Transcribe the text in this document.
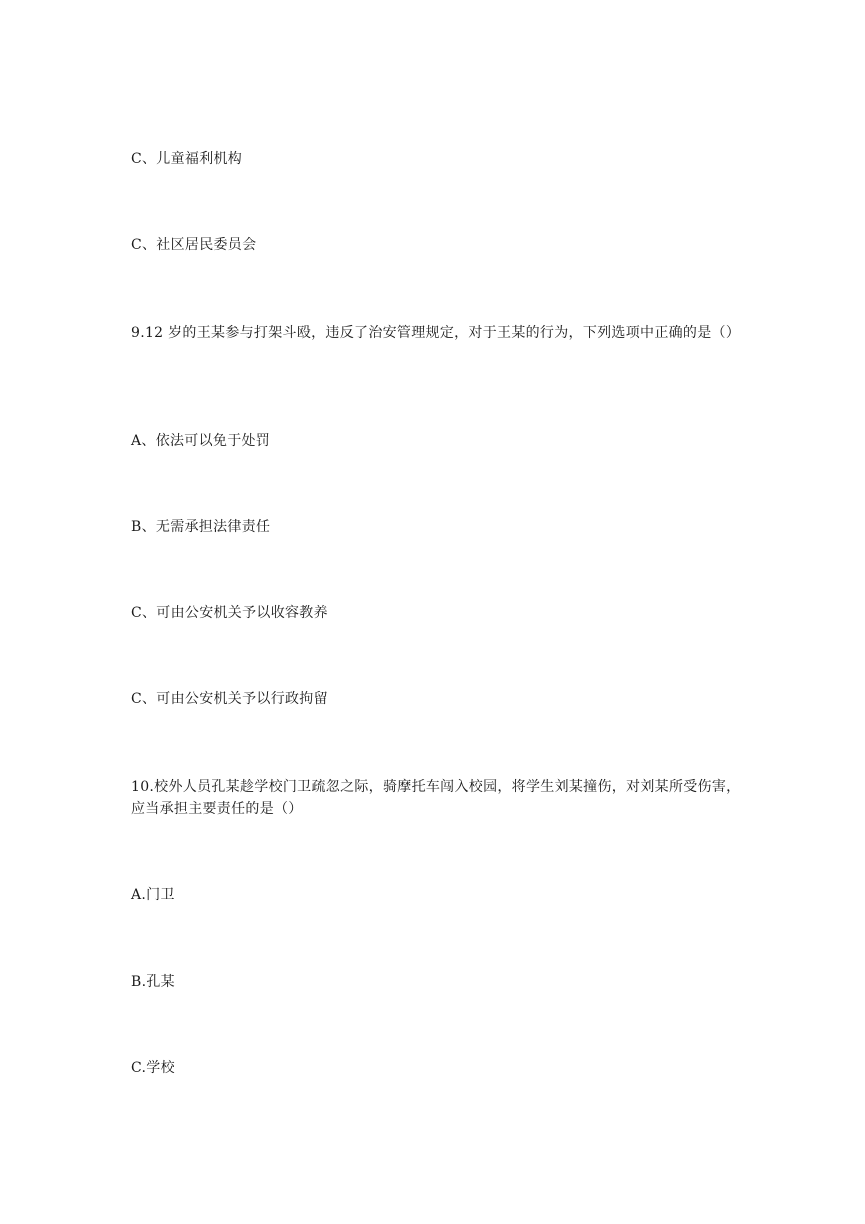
C、儿童福利机构
C、社区居民委员会
9.12 岁的王某参与打架斗殴，违反了治安管理规定，对于王某的行为，下列选项中正确的是（）
A、依法可以免于处罚
B、无需承担法律责任
C、可由公安机关予以收容教养
C、可由公安机关予以行政拘留
10.校外人员孔某趁学校门卫疏忽之际，骑摩托车闯入校园，将学生刘某撞伤，对刘某所受伤害，应当承担主要责任的是（）
A.门卫
B.孔某
C.学校
